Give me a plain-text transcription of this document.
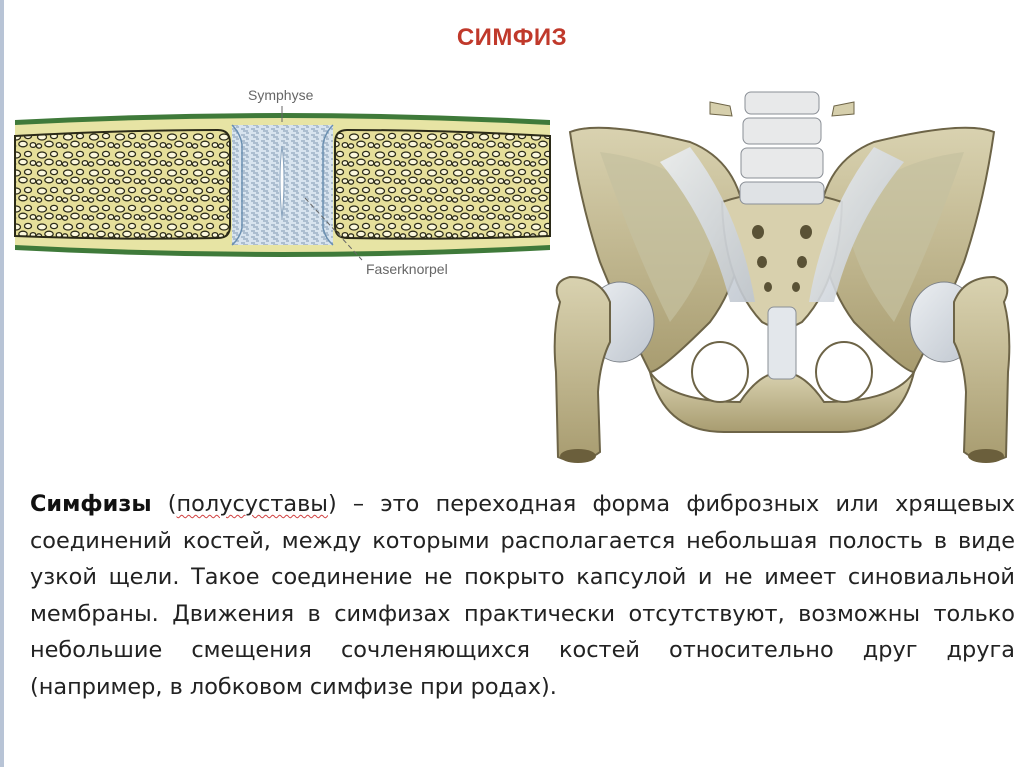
СИМФИЗ
Symphyse
Faserknorpel

Симфизы (полусуставы) – это переходная форма фиброзных или хрящевых соединений костей, между которыми располагается небольшая полость в виде узкой щели. Такое соединение не покрыто капсулой и не имеет синовиальной мембраны. Движения в симфизах практически отсутствуют, возможны только небольшие смещения сочленяющихся костей относительно друг друга (например, в лобковом симфизе при родах).
